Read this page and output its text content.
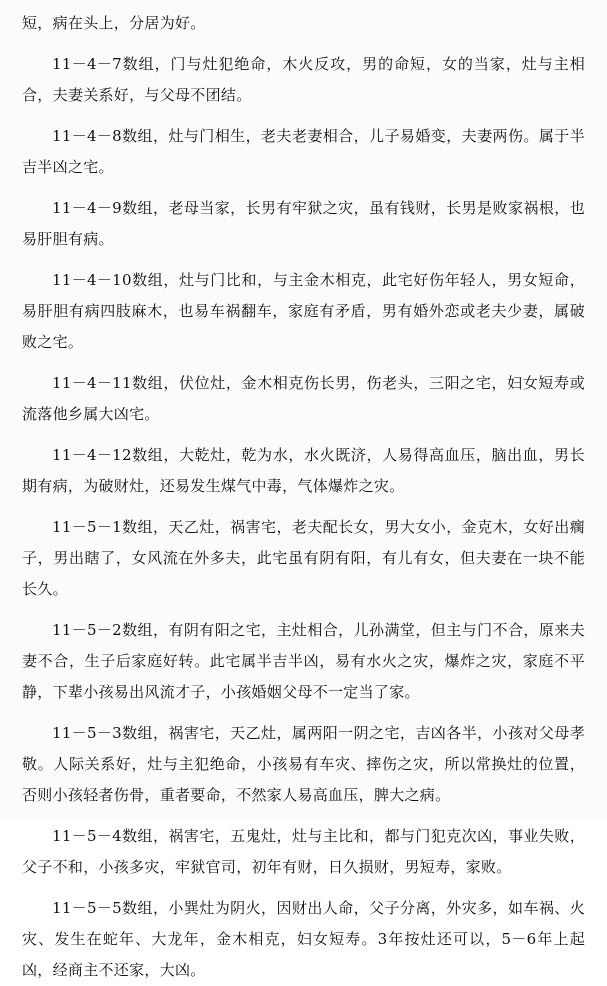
短，病在头上，分居为好。

11－4－7数组，门与灶犯绝命，木火反攻，男的命短，女的当家，灶与主相合，夫妻关系好，与父母不团结。

11－4－8数组，灶与门相生，老夫老妻相合，儿子易婚变，夫妻两伤。属于半吉半凶之宅。

11－4－9数组，老母当家，长男有牢狱之灾，虽有钱财，长男是败家祸根，也易肝胆有病。

11－4－10数组，灶与门比和，与主金木相克，此宅好伤年轻人，男女短命，易肝胆有病四肢麻木，也易车祸翻车，家庭有矛盾，男有婚外恋或老夫少妻，属破败之宅。

11－4－11数组，伏位灶，金木相克伤长男，伤老头，三阳之宅，妇女短寿或流落他乡属大凶宅。

11－4－12数组，大乾灶，乾为水，水火既济，人易得高血压，脑出血，男长期有病，为破财灶，还易发生煤气中毒，气体爆炸之灾。

11－5－1数组，天乙灶，祸害宅，老夫配长女，男大女小，金克木，女好出瘸子，男出瞎了，女风流在外多夫，此宅虽有阴有阳，有儿有女，但夫妻在一块不能长久。

11－5－2数组，有阴有阳之宅，主灶相合，儿孙满堂，但主与门不合，原来夫妻不合，生子后家庭好转。此宅属半吉半凶，易有水火之灾，爆炸之灾，家庭不平静，下辈小孩易出风流才子，小孩婚姻父母不一定当了家。

11－5－3数组，祸害宅，天乙灶，属两阳一阴之宅，吉凶各半，小孩对父母孝敬。人际关系好，灶与主犯绝命，小孩易有车灾、摔伤之灾，所以常换灶的位置，否则小孩轻者伤骨，重者要命，不然家人易高血压，脾大之病。

11－5－4数组，祸害宅，五鬼灶，灶与主比和，都与门犯克次凶，事业失败，父子不和，小孩多灾，牢狱官司，初年有财，日久损财，男短寿，家败。

11－5－5数组，小巽灶为阴火，因财出人命，父子分离，外灾多，如车祸、火灾、发生在蛇年、大龙年，金木相克，妇女短寿。3年按灶还可以，5－6年上起凶，经商主不还家，大凶。
